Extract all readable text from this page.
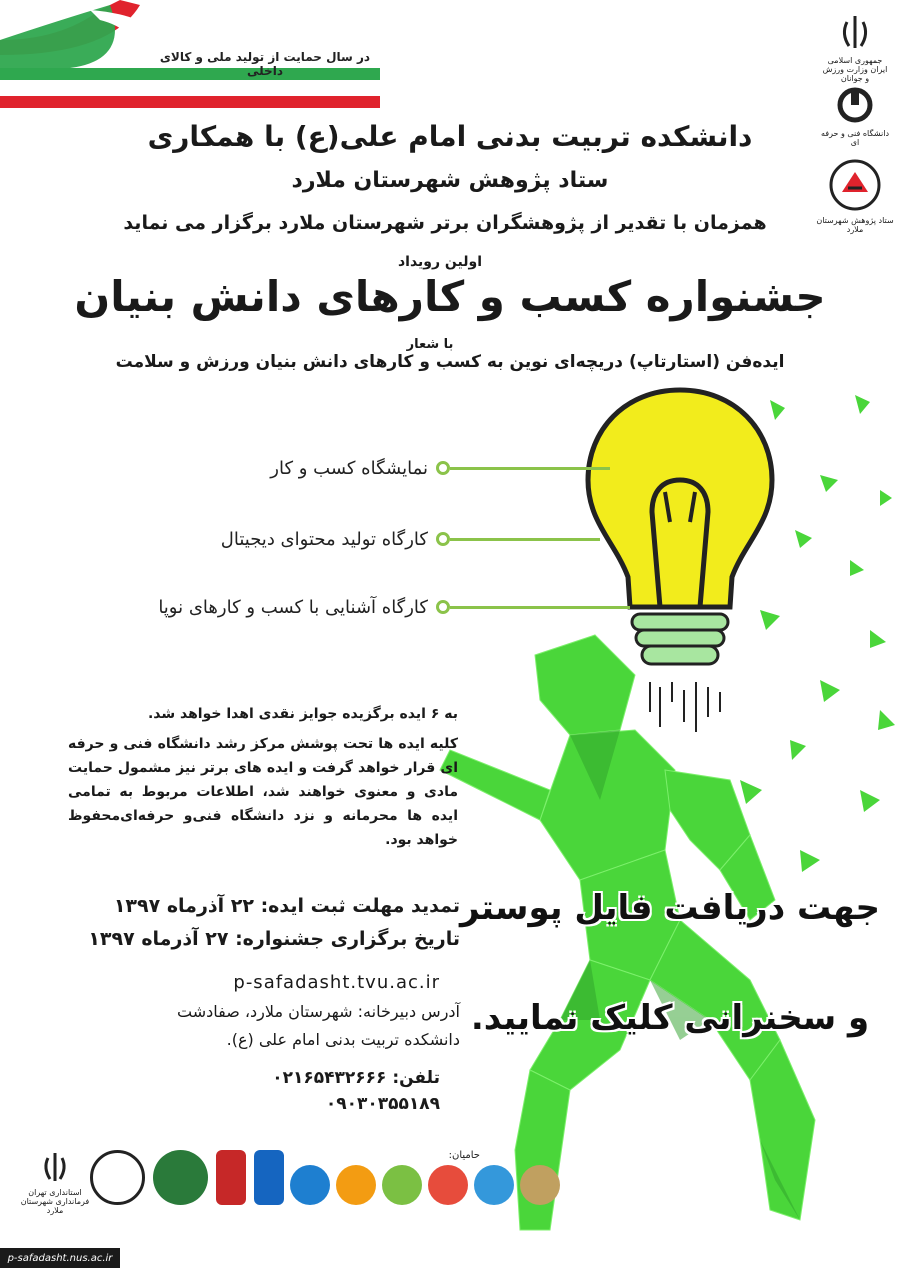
در سال حمایت از تولید ملی و کالای داخلی
جمهوری اسلامی ایران وزارت ورزش و جوانان
دانشگاه فنی و حرفه ای
ستاد پژوهش شهرستان ملارد
دانشکده تربیت بدنی امام علی(ع) با همکاری
ستاد پژوهش شهرستان ملارد
همزمان با تقدیر از پژوهشگران برتر شهرستان ملارد برگزار می نماید
اولین رویداد
جشنواره کسب و کارهای دانش بنیان
با شعار
ایده‌فن (استارتاپ) دریچه‌ای نوین به کسب و کارهای دانش بنیان ورزش و سلامت
نمایشگاه کسب و کار
کارگاه تولید محتوای دیجیتال
کارگاه آشنایی با کسب و کارهای نوپا
به ۶ ایده برگزیده جوایز نقدی اهدا خواهد شد.
کلیه ایده ها تحت پوشش مرکز رشد دانشگاه فنی و حرفه ای قرار خواهد گرفت و ایده های برتر نیز مشمول حمایت مادی و معنوی خواهند شد، اطلاعات مربوط به تمامی ایده ها محرمانه و نزد دانشگاه فنی‌و حرفه‌ای‌محفوظ خواهد بود.
تمدید مهلت ثبت ایده: ۲۲ آذرماه ۱۳۹۷
تاریخ برگزاری جشنواره: ۲۷ آذرماه ۱۳۹۷
p-safadasht.tvu.ac.ir
آدرس دبیرخانه: شهرستان ملارد، صفادشت
دانشکده تربیت بدنی امام علی (ع).
تلفن: ۰۲۱۶۵۴۳۲۶۶۶
۰۹۰۳۰۳۵۵۱۸۹
جهت دریافت فایل پوستر
و سخنرانی کلیک نمایید.
حامیان:
استانداری تهران فرمانداری شهرستان ملارد
p-safadasht.nus.ac.ir
